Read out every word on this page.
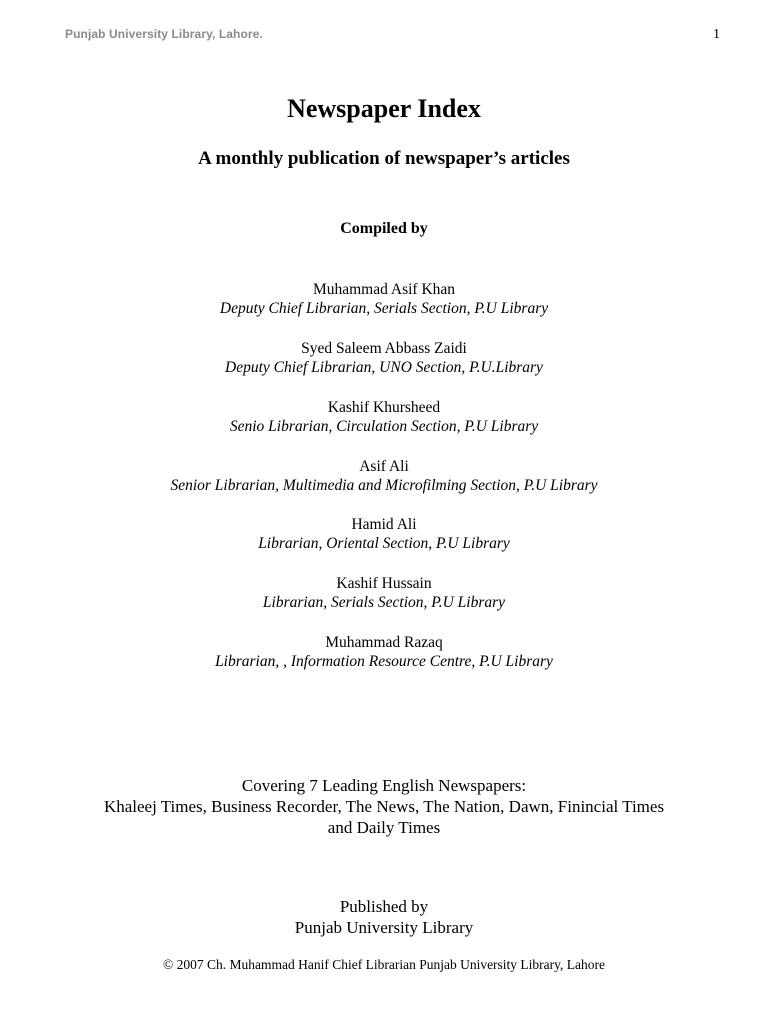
Punjab University Library, Lahore.	1
Newspaper Index
A monthly publication of newspaper’s articles
Compiled by
Muhammad Asif Khan
Deputy Chief Librarian, Serials Section, P.U Library
Syed Saleem Abbass Zaidi
Deputy Chief Librarian, UNO Section, P.U.Library
Kashif Khursheed
Senio Librarian, Circulation Section, P.U Library
Asif Ali
Senior Librarian, Multimedia and Microfilming Section, P.U Library
Hamid Ali
Librarian, Oriental Section, P.U Library
Kashif Hussain
Librarian, Serials Section, P.U Library
Muhammad Razaq
Librarian, , Information Resource Centre, P.U Library
Covering 7 Leading English Newspapers:
Khaleej Times, Business Recorder, The News, The Nation, Dawn, Finincial Times
and Daily Times
Published by
Punjab University Library
© 2007 Ch. Muhammad Hanif Chief Librarian Punjab University Library, Lahore
